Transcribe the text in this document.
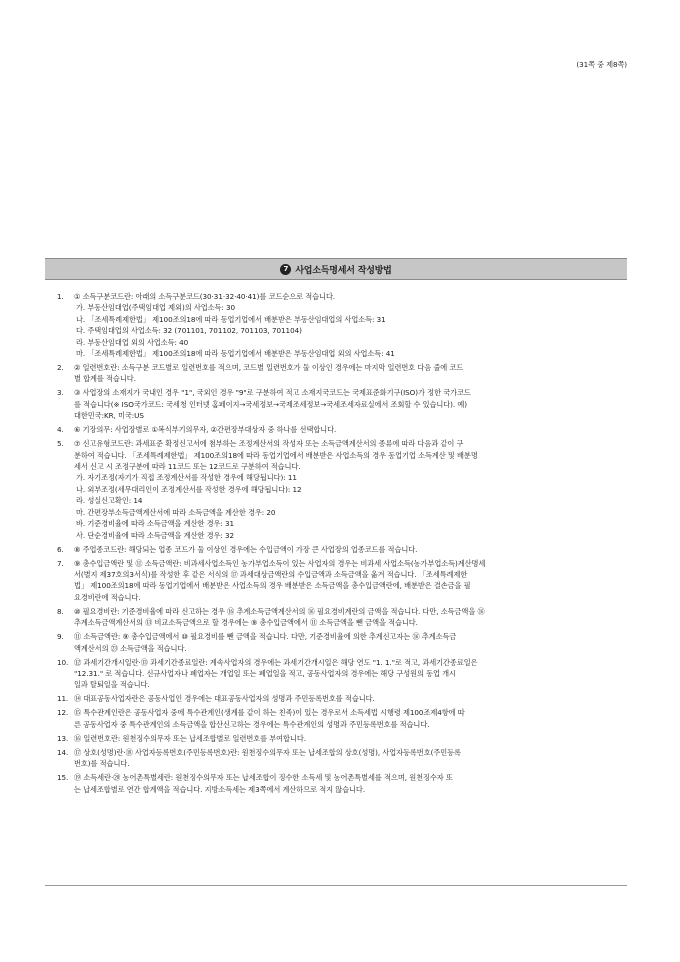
(31쪽 중 제8쪽)
7 사업소득명세서 작성방법
1. ① 소득구분코드란: 아래의 소득구분코드(30·31·32·40·41)를 코드순으로 적습니다.
가. 부동산임대업(주택임대업 제외)의 사업소득: 30
나. 「조세특례제한법」 제100조의18에 따라 동업기업에서 배분받은 부동산임대업의 사업소득: 31
다. 주택임대업의 사업소득: 32 (701101, 701102, 701103, 701104)
라. 부동산임대업 외의 사업소득: 40
마. 「조세특례제한법」 제100조의18에 따라 동업기업에서 배분받은 부동산임대업 외의 사업소득: 41
2. ② 일련번호란: 소득구분 코드별로 일련번호를 적으며, 코드별 일련번호가 둘 이상인 경우에는 마지막 일련번호 다음 줄에 코드
별 합계를 적습니다.
3. ③ 사업장의 소재지가 국내인 경우 "1", 국외인 경우 "9"로 구분하여 적고 소재지국코드는 국제표준화기구(ISO)가 정한 국가코드
를 적습니다(※ ISO국가코드: 국세청 인터넷 홈페이지→국세정보→국제조세정보→국세조세자료실에서 조회할 수 있습니다). 예)
대한민국:KR, 미국:US
4. ⑥ 기장의무: 사업장별로 ①복식부기의무자, ②간편장부대상자 중 하나를 선택합니다.
5. ⑦ 신고유형코드란: 과세표준 확정신고서에 첨부하는 조정계산서의 작성자 또는 소득금액계산서의 종류에 따라 다음과 같이 구
분하여 적습니다. 「조세특례제한법」 제100조의18에 따라 동업기업에서 배분받은 사업소득의 경우 동업기업 소득계산 및 배분명
세서 신고 시 조정구분에 따라 11코드 또는 12코드로 구분하여 적습니다.
가. 자기조정(자기가 직접 조정계산서를 작성한 경우에 해당됩니다): 11
나. 외부조정(세무대리인이 조정계산서를 작성한 경우에 해당됩니다): 12
라. 성실신고확인: 14
마. 간편장부소득금액계산서에 따라 소득금액을 계산한 경우: 20
바. 기준경비율에 따라 소득금액을 계산한 경우: 31
사. 단순경비율에 따라 소득금액을 계산한 경우: 32
6. ⑧ 주업종코드란: 해당되는 업종 코드가 둘 이상인 경우에는 수입금액이 가장 큰 사업장의 업종코드를 적습니다.
7. ⑨ 총수입금액란 및 ⑪ 소득금액란: 비과세사업소득인 농가부업소득이 있는 사업자의 경우는 비과세 사업소득(농가부업소득)계산명세
서(별지 제37호의3서식)를 작성한 후 같은 서식의 ⑰ 과세대상금액란의 수입금액과 소득금액을 옮겨 적습니다. 「조세특례제한
법」 제100조의18에 따라 동업기업에서 배분받은 사업소득의 경우 배분받은 소득금액을 총수입금액란에, 배분받은 결손금을 필
요경비란에 적습니다.
8. ⑩ 필요경비란: 기준경비율에 따라 신고하는 경우 ⑯ 추계소득금액계산서의 ⑯ 필요경비계란의 금액을 적습니다. 다만, 소득금액을 ⑯
추계소득금액계산서의 ⑬ 비교소득금액으로 할 경우에는 ⑨ 총수입금액에서 ⑪ 소득금액을 뺀 금액을 적습니다.
9. ⑪ 소득금액란: ⑨ 총수입금액에서 ⑩ 필요경비를 뺀 금액을 적습니다. 다만, 기준경비율에 의한 추계신고자는 ⑯ 추계소득금
액계산서의 ㉓ 소득금액을 적습니다.
10. ⑫ 과세기간개시일란·⑬ 과세기간종료일란: 계속사업자의 경우에는 과세기간개시일은 해당 연도 "1. 1."로 적고, 과세기간종료일은
"12.31." 로 적습니다. 신규사업자나 폐업자는 개업일 또는 폐업일을 적고, 공동사업자의 경우에는 해당 구성원의 동업 개시
일과 탈퇴일을 적습니다.
11. ⑭ 대표공동사업자란은 공동사업인 경우에는 대표공동사업자의 성명과 주민등록번호를 적습니다.
12. ⑮ 특수관계인란은 공동사업자 중에 특수관계인(생계를 같이 하는 친족)이 있는 경우로서 소득세법 시행령 제100조제4항에 따
른 공동사업자 중 특수관계인의 소득금액을 합산신고하는 경우에는 특수관계인의 성명과 주민등록번호를 적습니다.
13. ⑯ 일련번호란: 원천징수의무자 또는 납세조합별로 일련번호를 부여합니다.
14. ⑰ 상호(성명)란·⑱ 사업자등록번호(주민등록번호)란: 원천징수의무자 또는 납세조합의 상호(성명), 사업자등록번호(주민등록
번호)를 적습니다.
15. ⑲ 소득세란·⑳ 농어촌특별세란: 원천징수의무자 또는 납세조합이 징수한 소득세 및 농어촌특별세를 적으며, 원천징수자 또
는 납세조합별로 연간 합계액을 적습니다. 지방소득세는 제3쪽에서 계산하므로 적지 않습니다.
